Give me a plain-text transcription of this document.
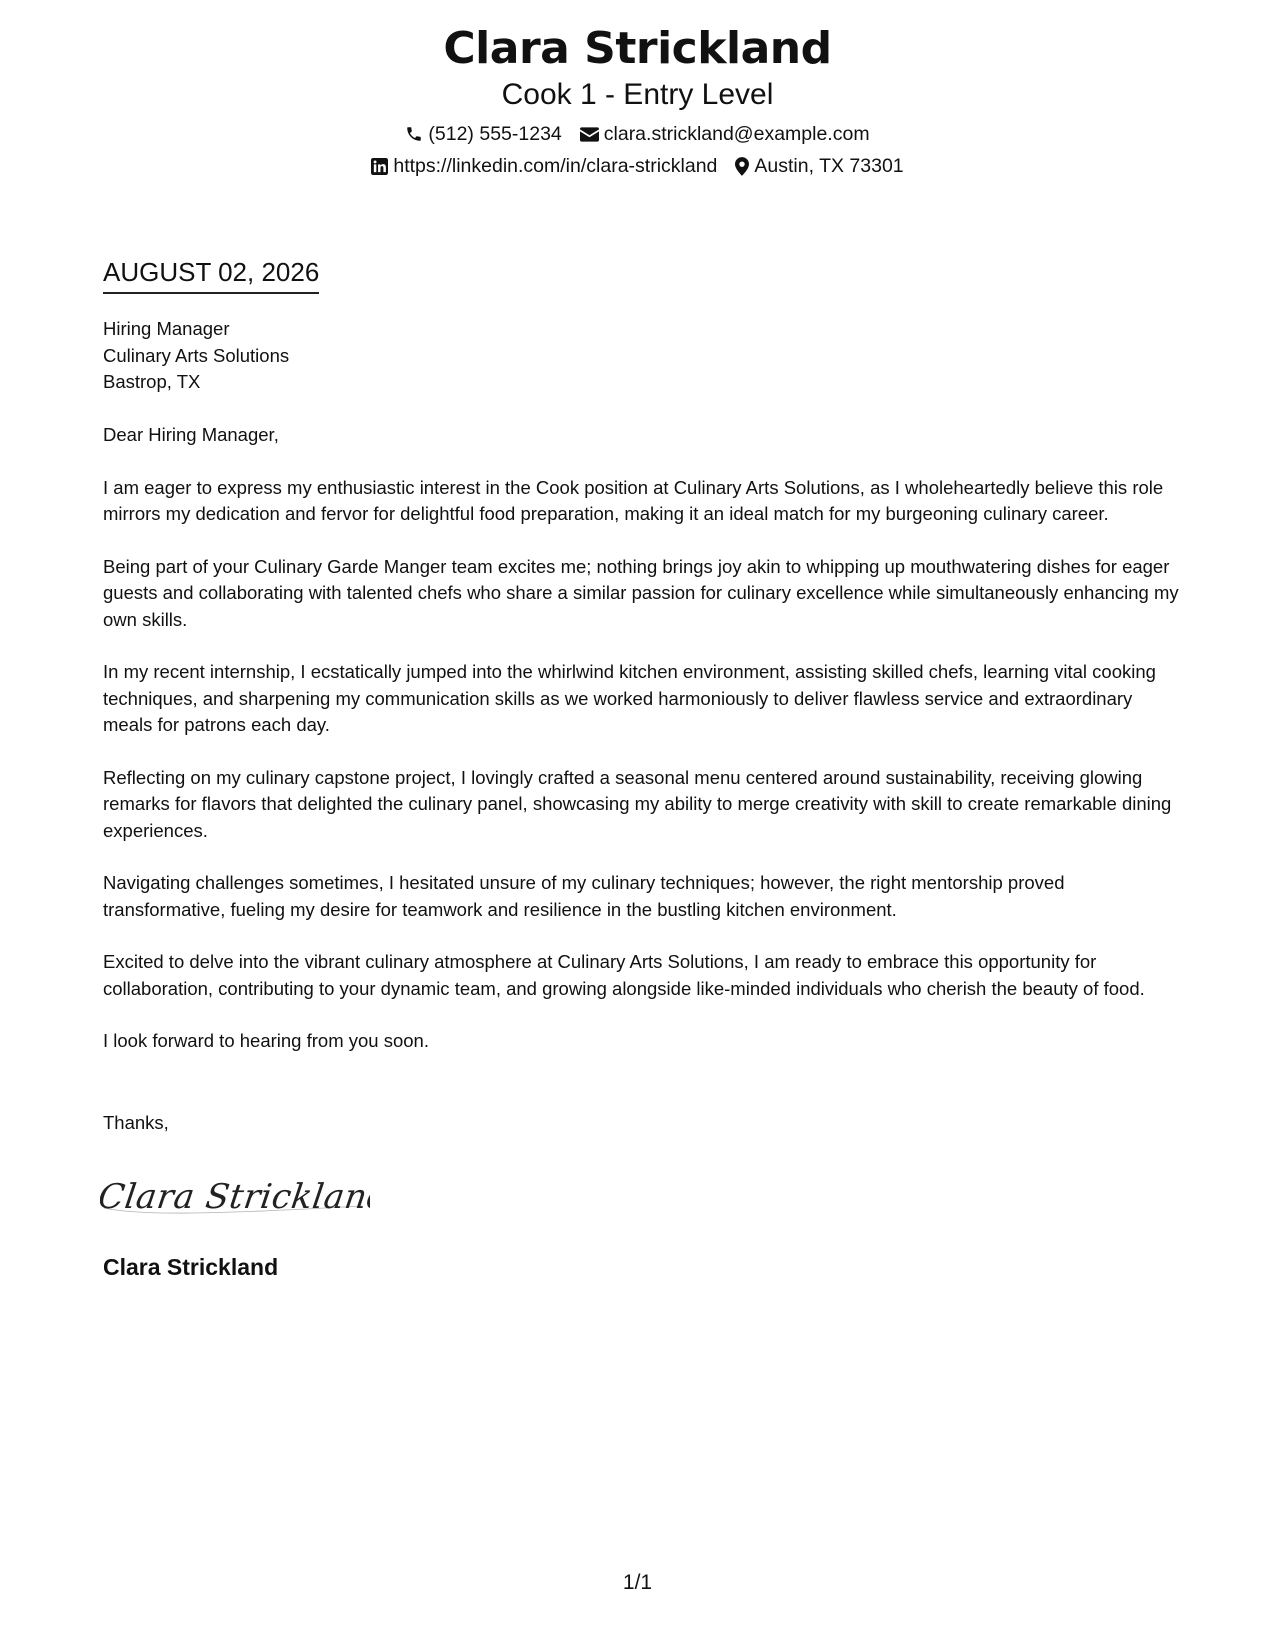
Clara Strickland
Cook 1 - Entry Level
(512) 555-1234 clara.strickland@example.com
https://linkedin.com/in/clara-strickland Austin, TX 73301
AUGUST 02, 2026
Hiring Manager
Culinary Arts Solutions
Bastrop, TX

Dear Hiring Manager,

I am eager to express my enthusiastic interest in the Cook position at Culinary Arts Solutions, as I wholeheartedly believe this role mirrors my dedication and fervor for delightful food preparation, making it an ideal match for my burgeoning culinary career.

Being part of your Culinary Garde Manger team excites me; nothing brings joy akin to whipping up mouthwatering dishes for eager guests and collaborating with talented chefs who share a similar passion for culinary excellence while simultaneously enhancing my own skills.

In my recent internship, I ecstatically jumped into the whirlwind kitchen environment, assisting skilled chefs, learning vital cooking techniques, and sharpening my communication skills as we worked harmoniously to deliver flawless service and extraordinary meals for patrons each day.

Reflecting on my culinary capstone project, I lovingly crafted a seasonal menu centered around sustainability, receiving glowing remarks for flavors that delighted the culinary panel, showcasing my ability to merge creativity with skill to create remarkable dining experiences.

Navigating challenges sometimes, I hesitated unsure of my culinary techniques; however, the right mentorship proved transformative, fueling my desire for teamwork and resilience in the bustling kitchen environment.

Excited to delve into the vibrant culinary atmosphere at Culinary Arts Solutions, I am ready to embrace this opportunity for collaboration, contributing to your dynamic team, and growing alongside like-minded individuals who cherish the beauty of food.

I look forward to hearing from you soon.

Thanks,
Clara Strickland
Clara Strickland
1/1
